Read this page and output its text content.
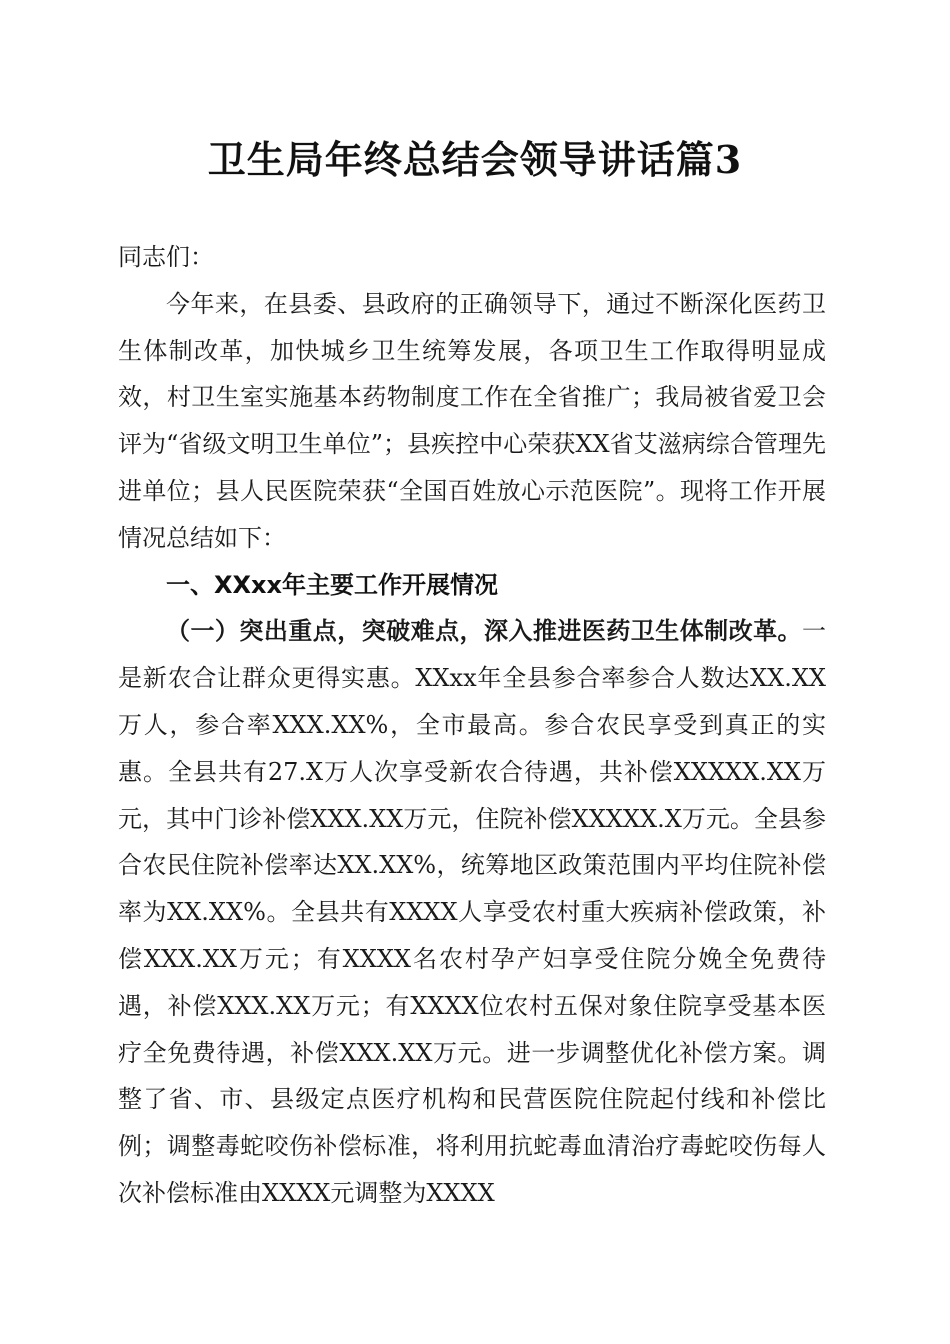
卫生局年终总结会领导讲话篇3

同志们：

今年来，在县委、县政府的正确领导下，通过不断深化医药卫生体制改革，加快城乡卫生统筹发展，各项卫生工作取得明显成效，村卫生室实施基本药物制度工作在全省推广；我局被省爱卫会评为“省级文明卫生单位”；县疾控中心荣获XX省艾滋病综合管理先进单位；县人民医院荣获“全国百姓放心示范医院”。现将工作开展情况总结如下：

一、XXxx年主要工作开展情况

（一）突出重点，突破难点，深入推进医药卫生体制改革。一是新农合让群众更得实惠。XXxx年全县参合率参合人数达XX.XX万人，参合率XXX.XX%，全市最高。参合农民享受到真正的实惠。全县共有27.X万人次享受新农合待遇，共补偿XXXXX.XX万元，其中门诊补偿XXX.XX万元，住院补偿XXXXX.X万元。全县参合农民住院补偿率达XX.XX%，统筹地区政策范围内平均住院补偿率为XX.XX%。全县共有XXXX人享受农村重大疾病补偿政策，补偿XXX.XX万元；有XXXX名农村孕产妇享受住院分娩全免费待遇，补偿XXX.XX万元；有XXXX位农村五保对象住院享受基本医疗全免费待遇，补偿XXX.XX万元。进一步调整优化补偿方案。调整了省、市、县级定点医疗机构和民营医院住院起付线和补偿比例；调整毒蛇咬伤补偿标准，将利用抗蛇毒血清治疗毒蛇咬伤每人次补偿标准由XXXX元调整为XXXX
